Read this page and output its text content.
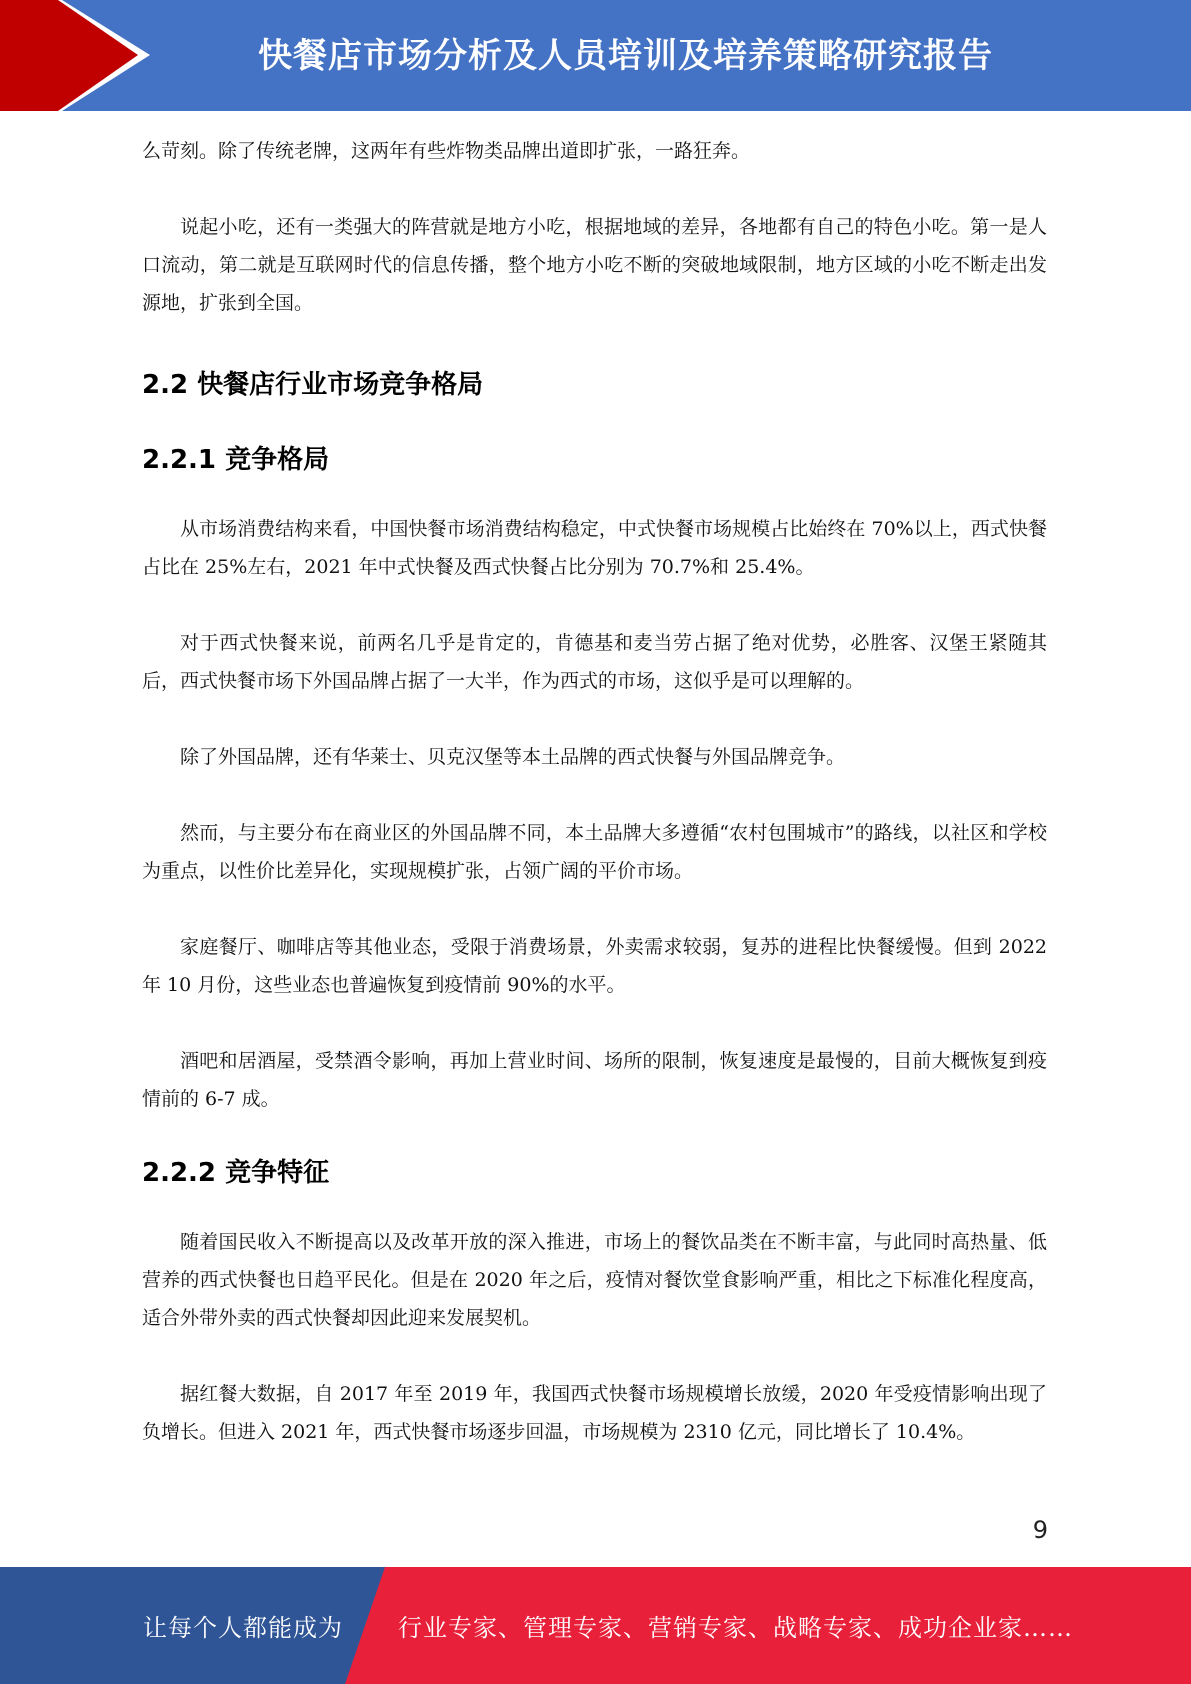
快餐店市场分析及人员培训及培养策略研究报告

么苛刻。除了传统老牌，这两年有些炸物类品牌出道即扩张，一路狂奔。

说起小吃，还有一类强大的阵营就是地方小吃，根据地域的差异，各地都有自己的特色小吃。第一是人口流动，第二就是互联网时代的信息传播，整个地方小吃不断的突破地域限制，地方区域的小吃不断走出发源地，扩张到全国。

2.2 快餐店行业市场竞争格局
2.2.1 竞争格局

从市场消费结构来看，中国快餐市场消费结构稳定，中式快餐市场规模占比始终在 70%以上，西式快餐占比在 25%左右，2021 年中式快餐及西式快餐占比分别为 70.7%和 25.4%。

对于西式快餐来说，前两名几乎是肯定的，肯德基和麦当劳占据了绝对优势，必胜客、汉堡王紧随其后，西式快餐市场下外国品牌占据了一大半，作为西式的市场，这似乎是可以理解的。

除了外国品牌，还有华莱士、贝克汉堡等本土品牌的西式快餐与外国品牌竞争。

然而，与主要分布在商业区的外国品牌不同，本土品牌大多遵循“农村包围城市”的路线，以社区和学校为重点，以性价比差异化，实现规模扩张，占领广阔的平价市场。

家庭餐厅、咖啡店等其他业态，受限于消费场景，外卖需求较弱，复苏的进程比快餐缓慢。但到 2022 年 10 月份，这些业态也普遍恢复到疫情前 90%的水平。

酒吧和居酒屋，受禁酒令影响，再加上营业时间、场所的限制，恢复速度是最慢的，目前大概恢复到疫情前的 6-7 成。

2.2.2 竞争特征

随着国民收入不断提高以及改革开放的深入推进，市场上的餐饮品类在不断丰富，与此同时高热量、低营养的西式快餐也日趋平民化。但是在 2020 年之后，疫情对餐饮堂食影响严重，相比之下标准化程度高，适合外带外卖的西式快餐却因此迎来发展契机。

据红餐大数据，自 2017 年至 2019 年，我国西式快餐市场规模增长放缓，2020 年受疫情影响出现了负增长。但进入 2021 年，西式快餐市场逐步回温，市场规模为 2310 亿元，同比增长了 10.4%。

9
让每个人都能成为 行业专家、管理专家、营销专家、战略专家、成功企业家……
